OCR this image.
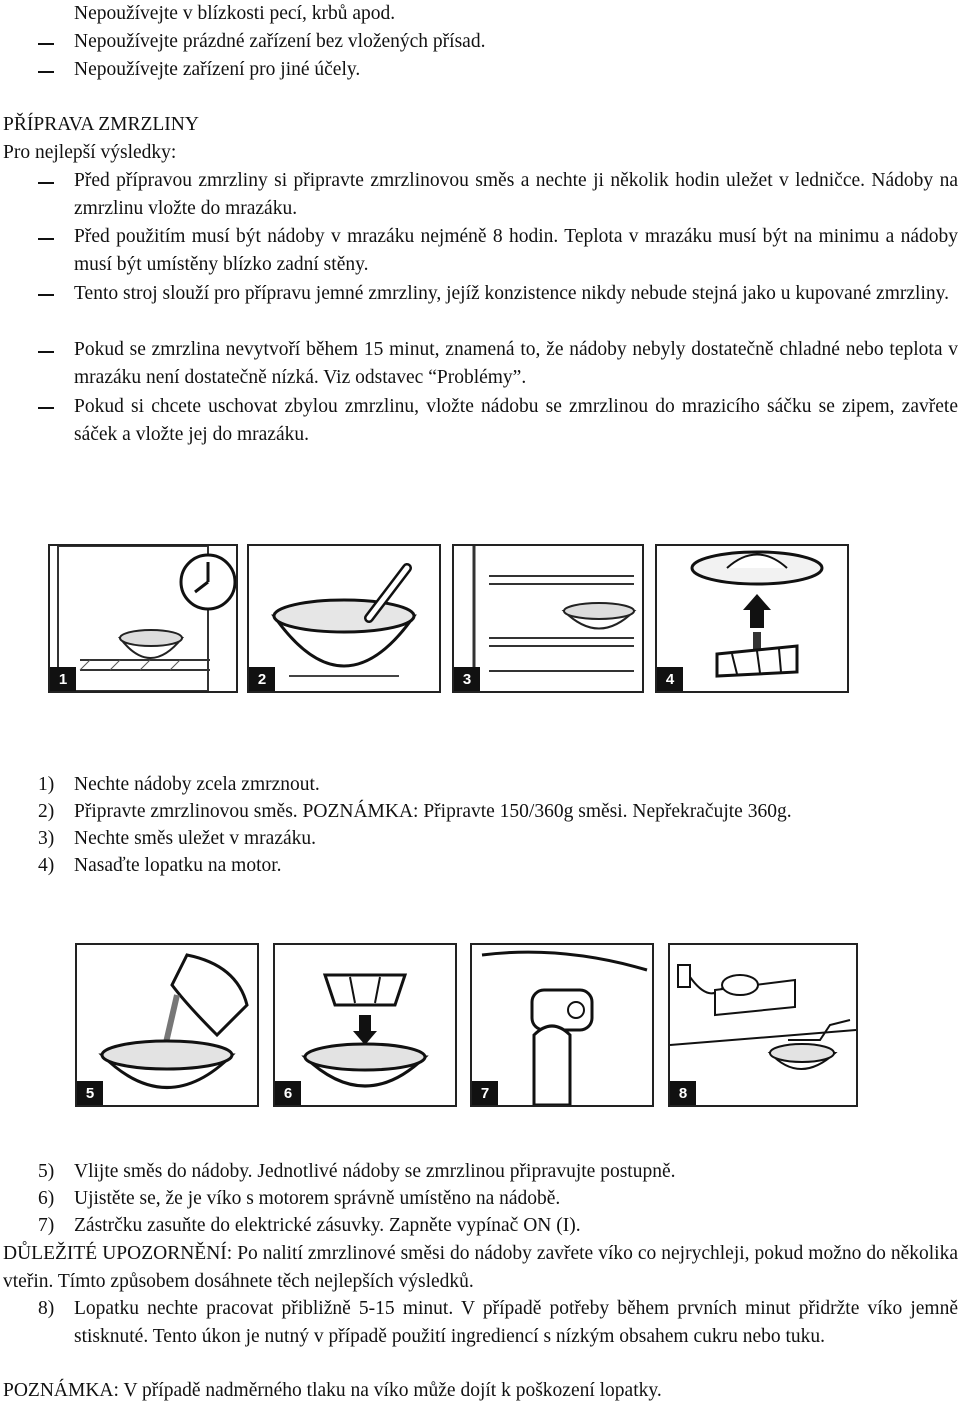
Nepoužívejte v blízkosti pecí, krbů apod.
Nepoužívejte prázdné zařízení bez vložených přísad.
Nepoužívejte zařízení pro jiné účely.
PŘÍPRAVA ZMRZLINY
Pro nejlepší výsledky:
Před přípravou zmrzliny si připravte zmrzlinovou směs a nechte ji několik hodin uležet v ledničce. Nádoby na zmrzlinu vložte do mrazáku.
Před použitím musí být nádoby v mrazáku nejméně 8 hodin. Teplota v mrazáku musí být na minimu a nádoby musí být umístěny blízko zadní stěny.
Tento stroj slouží pro přípravu jemné zmrzliny, jejíž konzistence nikdy nebude stejná jako u kupované zmrzliny.
Pokud se zmrzlina nevytvoří během 15 minut, znamená to, že nádoby nebyly dostatečně chladné nebo teplota v mrazáku není dostatečně nízká. Viz odstavec “Problémy”.
Pokud si chcete uschovat zbylou zmrzlinu, vložte nádobu se zmrzlinou do mrazicího sáčku se zipem, zavřete sáček a vložte jej do mrazáku.
1	2	3	4
1) Nechte nádoby zcela zmrznout.
2) Připravte zmrzlinovou směs. POZNÁMKA: Připravte 150/360g směsi. Nepřekračujte 360g.
3) Nechte směs uležet v mrazáku.
4) Nasaďte lopatku na motor.
5	6	7	8
5) Vlijte směs do nádoby. Jednotlivé nádoby se zmrzlinou připravujte postupně.
6) Ujistěte se, že je víko s motorem správně umístěno na nádobě.
7) Zástrčku zasuňte do elektrické zásuvky. Zapněte vypínač ON (I).
DŮLEŽITÉ UPOZORNĚNÍ: Po nalití zmrzlinové směsi do nádoby zavřete víko co nejrychleji, pokud možno do několika vteřin. Tímto způsobem dosáhnete těch nejlepších výsledků.
8) Lopatku nechte pracovat přibližně 5-15 minut. V případě potřeby během prvních minut přidržte víko jemně stisknuté. Tento úkon je nutný v případě použití ingrediencí s nízkým obsahem cukru nebo tuku.
POZNÁMKA: V případě nadměrného tlaku na víko může dojít k poškození lopatky.
